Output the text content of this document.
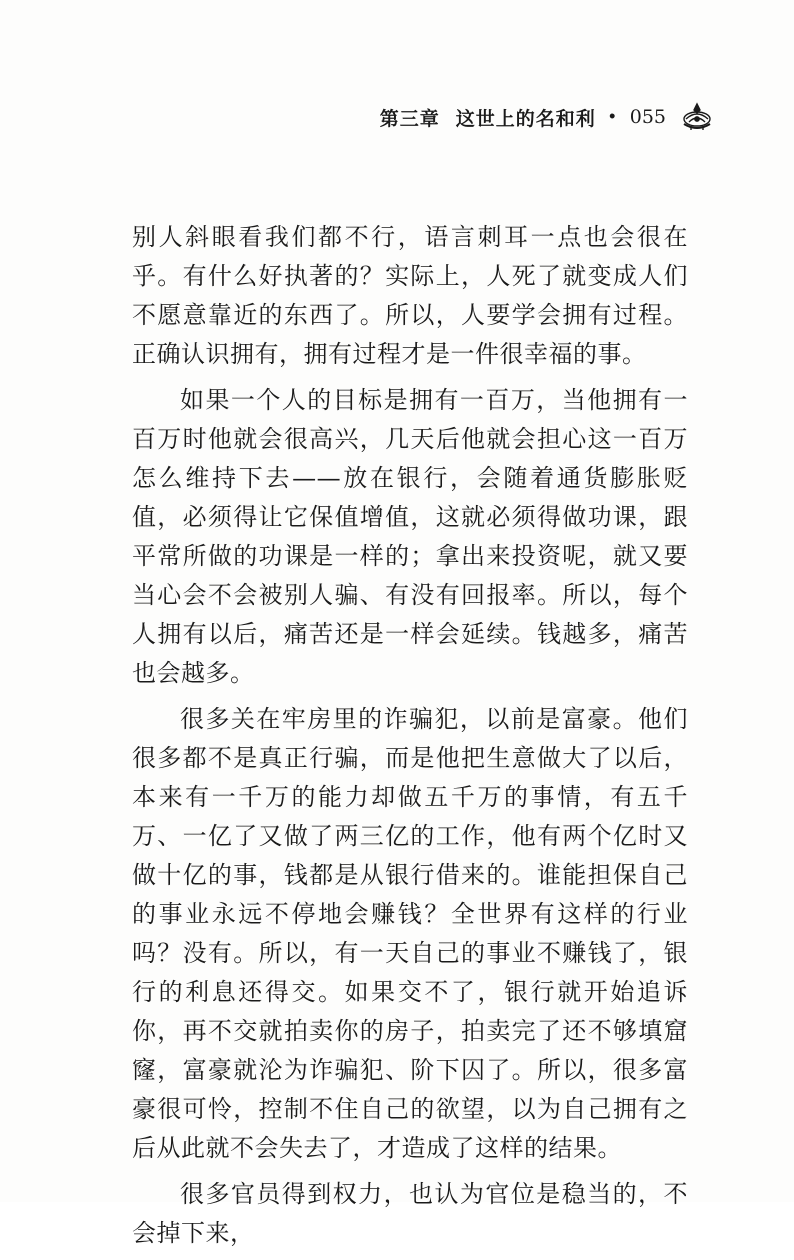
第三章 这世上的名和利 • 055

别人斜眼看我们都不行，语言刺耳一点也会很在乎。有什么好执著的？实际上，人死了就变成人们不愿意靠近的东西了。所以，人要学会拥有过程。正确认识拥有，拥有过程才是一件很幸福的事。

如果一个人的目标是拥有一百万，当他拥有一百万时他就会很高兴，几天后他就会担心这一百万怎么维持下去——放在银行，会随着通货膨胀贬值，必须得让它保值增值，这就必须得做功课，跟平常所做的功课是一样的；拿出来投资呢，就又要当心会不会被别人骗、有没有回报率。所以，每个人拥有以后，痛苦还是一样会延续。钱越多，痛苦也会越多。

很多关在牢房里的诈骗犯，以前是富豪。他们很多都不是真正行骗，而是他把生意做大了以后，本来有一千万的能力却做五千万的事情，有五千万、一亿了又做了两三亿的工作，他有两个亿时又做十亿的事，钱都是从银行借来的。谁能担保自己的事业永远不停地会赚钱？全世界有这样的行业吗？没有。所以，有一天自己的事业不赚钱了，银行的利息还得交。如果交不了，银行就开始追诉你，再不交就拍卖你的房子，拍卖完了还不够填窟窿，富豪就沦为诈骗犯、阶下囚了。所以，很多富豪很可怜，控制不住自己的欲望，以为自己拥有之后从此就不会失去了，才造成了这样的结果。

很多官员得到权力，也认为官位是稳当的，不会掉下来，
